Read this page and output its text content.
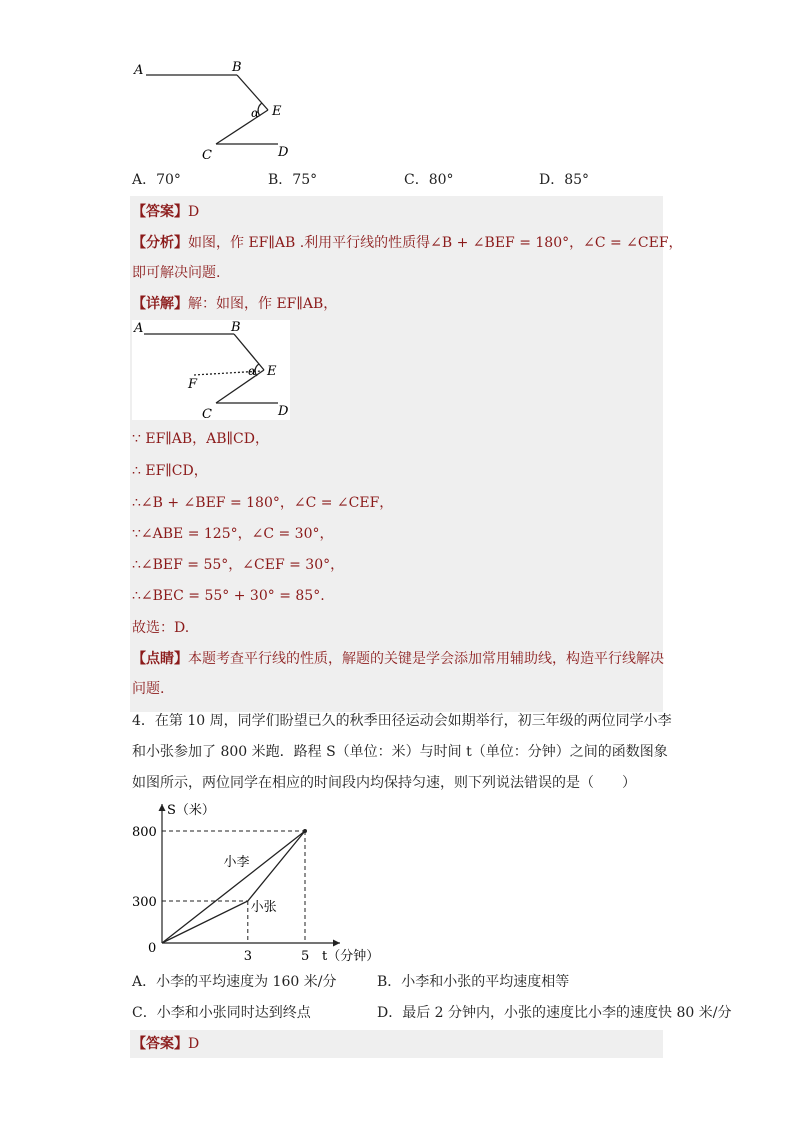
A	B
E
α
C	D
A．70°	B．75°	C．80°	D．85°
【答案】D
【分析】如图，作 EF∥AB .利用平行线的性质得∠B + ∠BEF = 180°，∠C = ∠CEF，
即可解决问题.
【详解】解：如图，作 EF∥AB，
A	B
E
α
F
C	D
∵ EF∥AB，AB∥CD，
∴ EF∥CD，
∴∠B + ∠BEF = 180°，∠C = ∠CEF，
∵∠ABE = 125°，∠C = 30°，
∴∠BEF = 55°，∠CEF = 30°，
∴∠BEC = 55° + 30° = 85°.
故选：D.
【点睛】本题考查平行线的性质，解题的关键是学会添加常用辅助线，构造平行线解决
问题.
4．在第 10 周，同学们盼望已久的秋季田径运动会如期举行，初三年级的两位同学小李
和小张参加了 800 米跑．路程 S（单位：米）与时间 t（单位：分钟）之间的函数图象
如图所示，两位同学在相应的时间段内均保持匀速，则下列说法错误的是（　　）
小李
小张
3	5
300
800
S（米）
t（分钟）
0
A．小李的平均速度为 160 米/分	B．小李和小张的平均速度相等
C．小李和小张同时达到终点	D．最后 2 分钟内，小张的速度比小李的速度快 80 米/分
【答案】D
